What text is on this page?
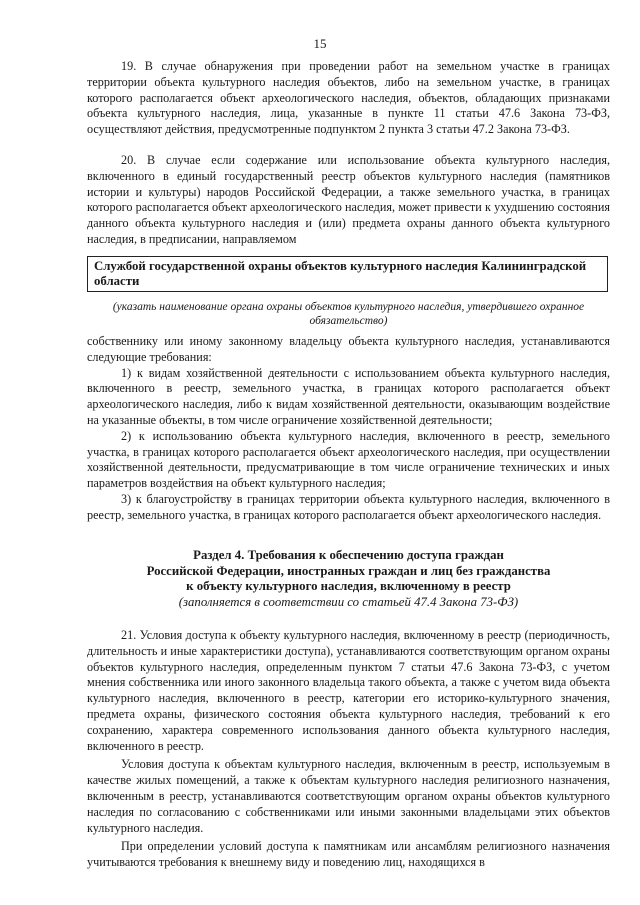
15

19. В случае обнаружения при проведении работ на земельном участке в границах территории объекта культурного наследия объектов, либо на земельном участке, в границах которого располагается объект археологического наследия, объектов, обладающих признаками объекта культурного наследия, лица, указанные в пункте 11 статьи 47.6 Закона 73-ФЗ, осуществляют действия, предусмотренные подпунктом 2 пункта 3 статьи 47.2 Закона 73-ФЗ.

20. В случае если содержание или использование объекта культурного наследия, включенного в единый государственный реестр объектов культурного наследия (памятников истории и культуры) народов Российской Федерации, а также земельного участка, в границах которого располагается объект археологического наследия, может привести к ухудшению состояния данного объекта культурного наследия и (или) предмета охраны данного объекта культурного наследия, в предписании, направляемом

Службой государственной охраны объектов культурного наследия Калининградской области
(указать наименование органа охраны объектов культурного наследия, утвердившего охранное обязательство)

собственнику или иному законному владельцу объекта культурного наследия, устанавливаются следующие требования:

1) к видам хозяйственной деятельности с использованием объекта культурного наследия, включенного в реестр, земельного участка, в границах которого располагается объект археологического наследия, либо к видам хозяйственной деятельности, оказывающим воздействие на указанные объекты, в том числе ограничение хозяйственной деятельности;

2) к использованию объекта культурного наследия, включенного в реестр, земельного участка, в границах которого располагается объект археологического наследия, при осуществлении хозяйственной деятельности, предусматривающие в том числе ограничение технических и иных параметров воздействия на объект культурного наследия;

3) к благоустройству в границах территории объекта культурного наследия, включенного в реестр, земельного участка, в границах которого располагается объект археологического наследия.

Раздел 4. Требования к обеспечению доступа граждан
Российской Федерации, иностранных граждан и лиц без гражданства
к объекту культурного наследия, включенному в реестр
(заполняется в соответствии со статьей 47.4 Закона 73-ФЗ)

21. Условия доступа к объекту культурного наследия, включенному в реестр (периодичность, длительность и иные характеристики доступа), устанавливаются соответствующим органом охраны объектов культурного наследия, определенным пунктом 7 статьи 47.6 Закона 73-ФЗ, с учетом мнения собственника или иного законного владельца такого объекта, а также с учетом вида объекта культурного наследия, включенного в реестр, категории его историко-культурного значения, предмета охраны, физического состояния объекта культурного наследия, требований к его сохранению, характера современного использования данного объекта культурного наследия, включенного в реестр.

Условия доступа к объектам культурного наследия, включенным в реестр, используемым в качестве жилых помещений, а также к объектам культурного наследия религиозного назначения, включенным в реестр, устанавливаются соответствующим органом охраны объектов культурного наследия по согласованию с собственниками или иными законными владельцами этих объектов культурного наследия.

При определении условий доступа к памятникам или ансамблям религиозного назначения учитываются требования к внешнему виду и поведению лиц, находящихся в
